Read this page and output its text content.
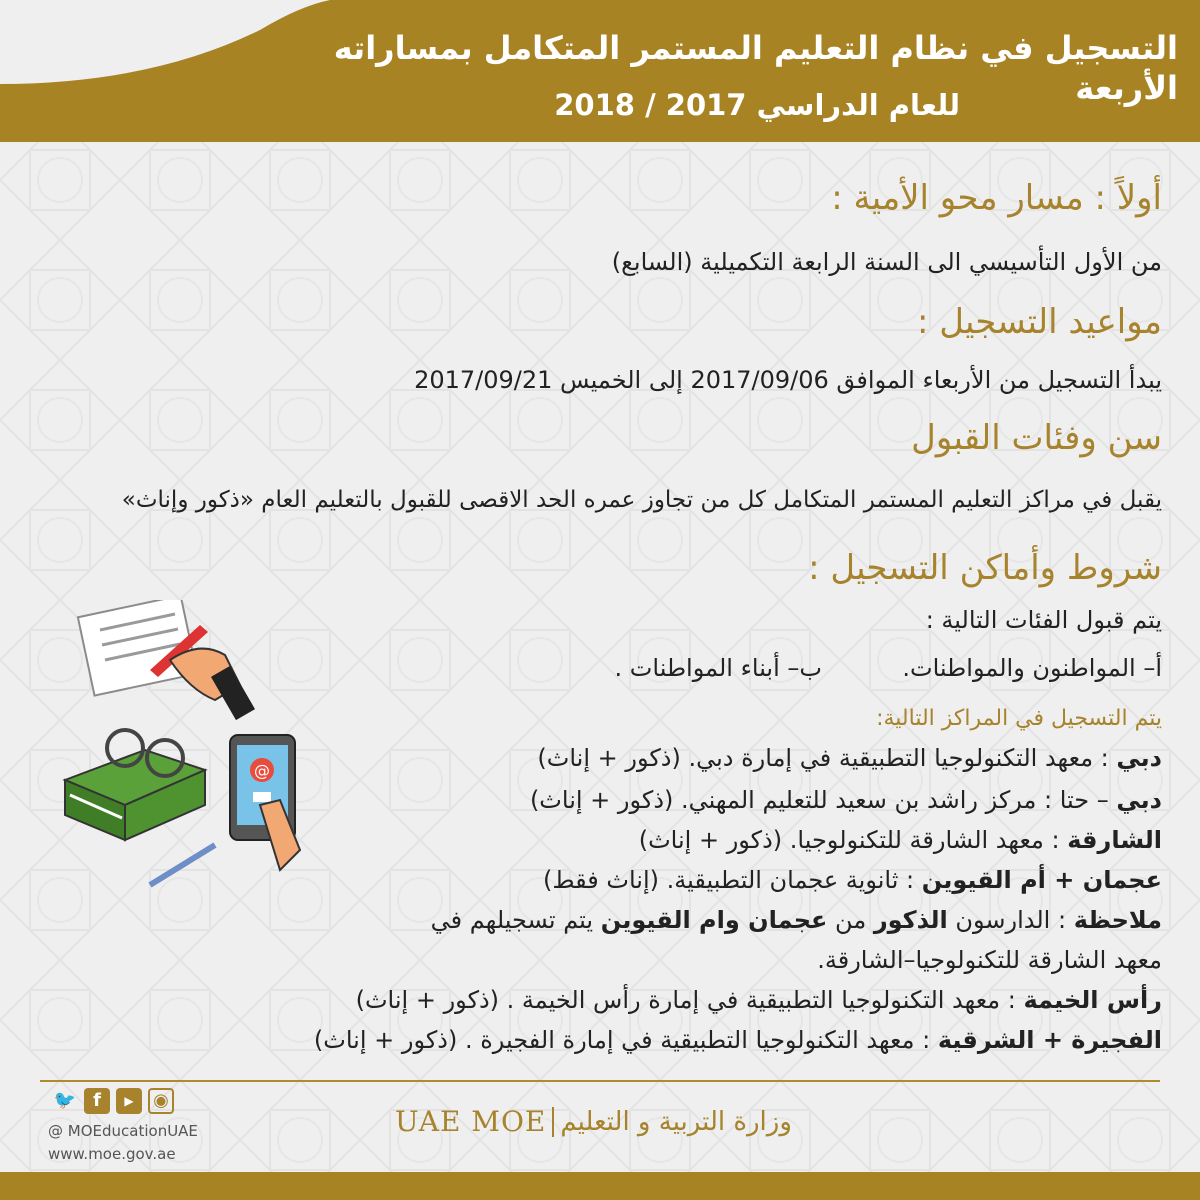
التسجيل في نظام التعليم المستمر المتكامل بمساراته الأربعة
للعام الدراسي 2017 / 2018
أولاً : مسار محو الأمية :

من الأول التأسيسي الى السنة الرابعة التكميلية (السابع)

مواعيد التسجيل :

يبدأ التسجيل من الأربعاء الموافق 2017/09/06 إلى الخميس 2017/09/21

سن وفئات القبول

يقبل في مراكز التعليم المستمر المتكامل كل من تجاوز عمره الحد الاقصى للقبول بالتعليم العام «ذكور وإناث»

شروط وأماكن التسجيل :

يتم قبول الفئات التالية :

أ– المواطنون والمواطنات.

ب– أبناء المواطنات .

يتم التسجيل في المراكز التالية:

دبي : معهد التكنولوجيا التطبيقية في إمارة دبي. (ذكور + إناث)

دبي – حتا : مركز راشد بن سعيد للتعليم المهني. (ذكور + إناث)

الشارقة : معهد الشارقة للتكنولوجيا. (ذكور + إناث)

عجمان + أم القيوين : ثانوية عجمان التطبيقية. (إناث فقط)

ملاحظة : الدارسون الذكور من عجمان وام القيوين يتم تسجيلهم في

معهد الشارقة للتكنولوجيا–الشارقة.

رأس الخيمة : معهد التكنولوجيا التطبيقية في إمارة رأس الخيمة . (ذكور + إناث)

الفجيرة + الشرقية : معهد التكنولوجيا التطبيقية في إمارة الفجيرة . (ذكور + إناث)

@
🐦 f	▶	◉
@ MOEducationUAE
www.moe.gov.ae
UAE MOE وزارة التربية و التعليم
